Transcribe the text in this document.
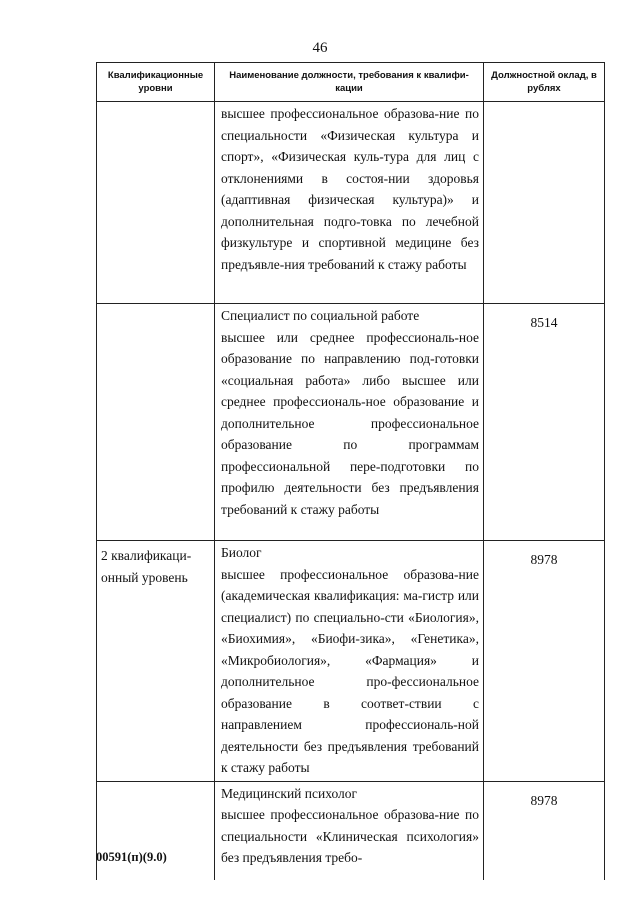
46
Квалификационные уровни	Наименование должности, требования к квалифи-кации	Должностной оклад, в рублях

	высшее профессиональное образова-ние по специальности «Физическая культура и спорт», «Физическая куль-тура для лиц с отклонениями в состоя-нии здоровья (адаптивная физическая культура)» и дополнительная подго-товка по лечебной физкультуре и спортивной медицине без предъявле-ния требований к стажу работы	

	Специалист по социальной работе
высшее или среднее профессиональ-ное образование по направлению под-готовки «социальная работа» либо высшее или среднее профессиональ-ное образование и дополнительное профессиональное образование по программам профессиональной пере-подготовки по профилю деятельности без предъявления требований к стажу работы	8514
2 квалификаци-онный уровень	Биолог
высшее профессиональное образова-ние (академическая квалификация: ма-гистр или специалист) по специально-сти «Биология», «Биохимия», «Биофи-зика», «Генетика», «Микробиология», «Фармация» и дополнительное про-фессиональное образование в соответ-ствии с направлением профессиональ-ной деятельности без предъявления требований к стажу работы	8978

	Медицинский психолог
высшее профессиональное образова-ние по специальности «Клиническая психология» без предъявления требо-	8978
00591(п)(9.0)
